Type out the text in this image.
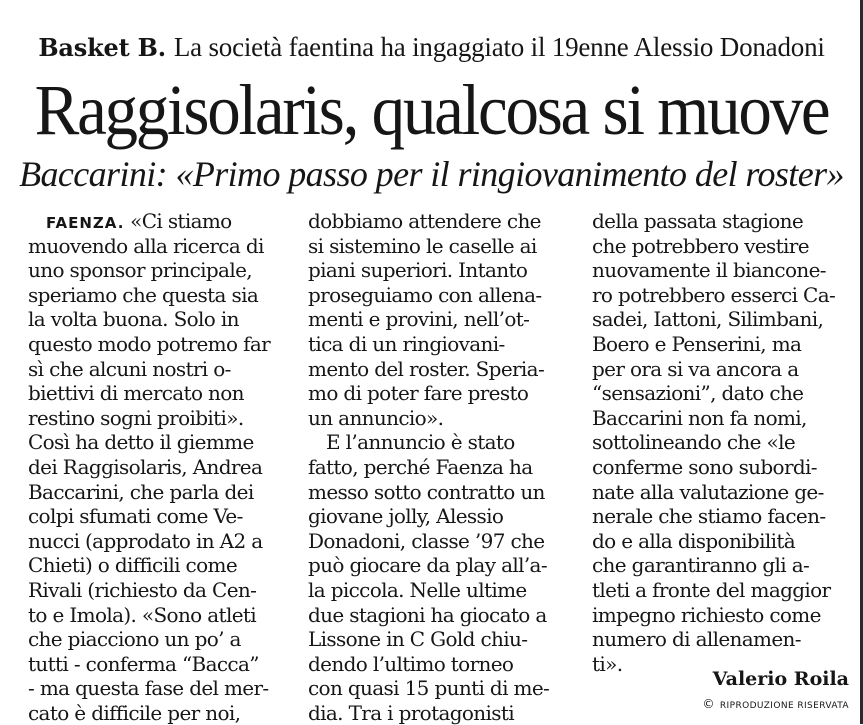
Basket B. La società faentina ha ingaggiato il 19enne Alessio Donadoni
Raggisolaris, qualcosa si muove
Baccarini: «Primo passo per il ringiovanimento del roster»
FAENZA. «Ci stiamo
muovendo alla ricerca di
uno sponsor principale,
speriamo che questa sia
la volta buona. Solo in
questo modo potremo far
sì che alcuni nostri o-
biettivi di mercato non
restino sogni proibiti».
Così ha detto il giemme
dei Raggisolaris, Andrea
Baccarini, che parla dei
colpi sfumati come Ve-
nucci (approdato in A2 a
Chieti) o difficili come
Rivali (richiesto da Cen-
to e Imola). «Sono atleti
che piacciono un po’ a
tutti - conferma “Bacca”
- ma questa fase del mer-
cato è difficile per noi,
dobbiamo attendere che
si sistemino le caselle ai
piani superiori. Intanto
proseguiamo con allena-
menti e provini, nell’ot-
tica di un ringiovani-
mento del roster. Speria-
mo di poter fare presto
un annuncio».
E l’annuncio è stato
fatto, perché Faenza ha
messo sotto contratto un
giovane jolly, Alessio
Donadoni, classe ’97 che
può giocare da play all’a-
la piccola. Nelle ultime
due stagioni ha giocato a
Lissone in C Gold chiu-
dendo l’ultimo torneo
con quasi 15 punti di me-
dia. Tra i protagonisti
della passata stagione
che potrebbero vestire
nuovamente il biancone-
ro potrebbero esserci Ca-
sadei, Iattoni, Silimbani,
Boero e Penserini, ma
per ora si va ancora a
“sensazioni”, dato che
Baccarini non fa nomi,
sottolineando che «le
conferme sono subordi-
nate alla valutazione ge-
nerale che stiamo facen-
do e alla disponibilità
che garantiranno gli a-
tleti a fronte del maggior
impegno richiesto come
numero di allenamen-
ti».
Valerio Roila
© RIPRODUZIONE RISERVATA
